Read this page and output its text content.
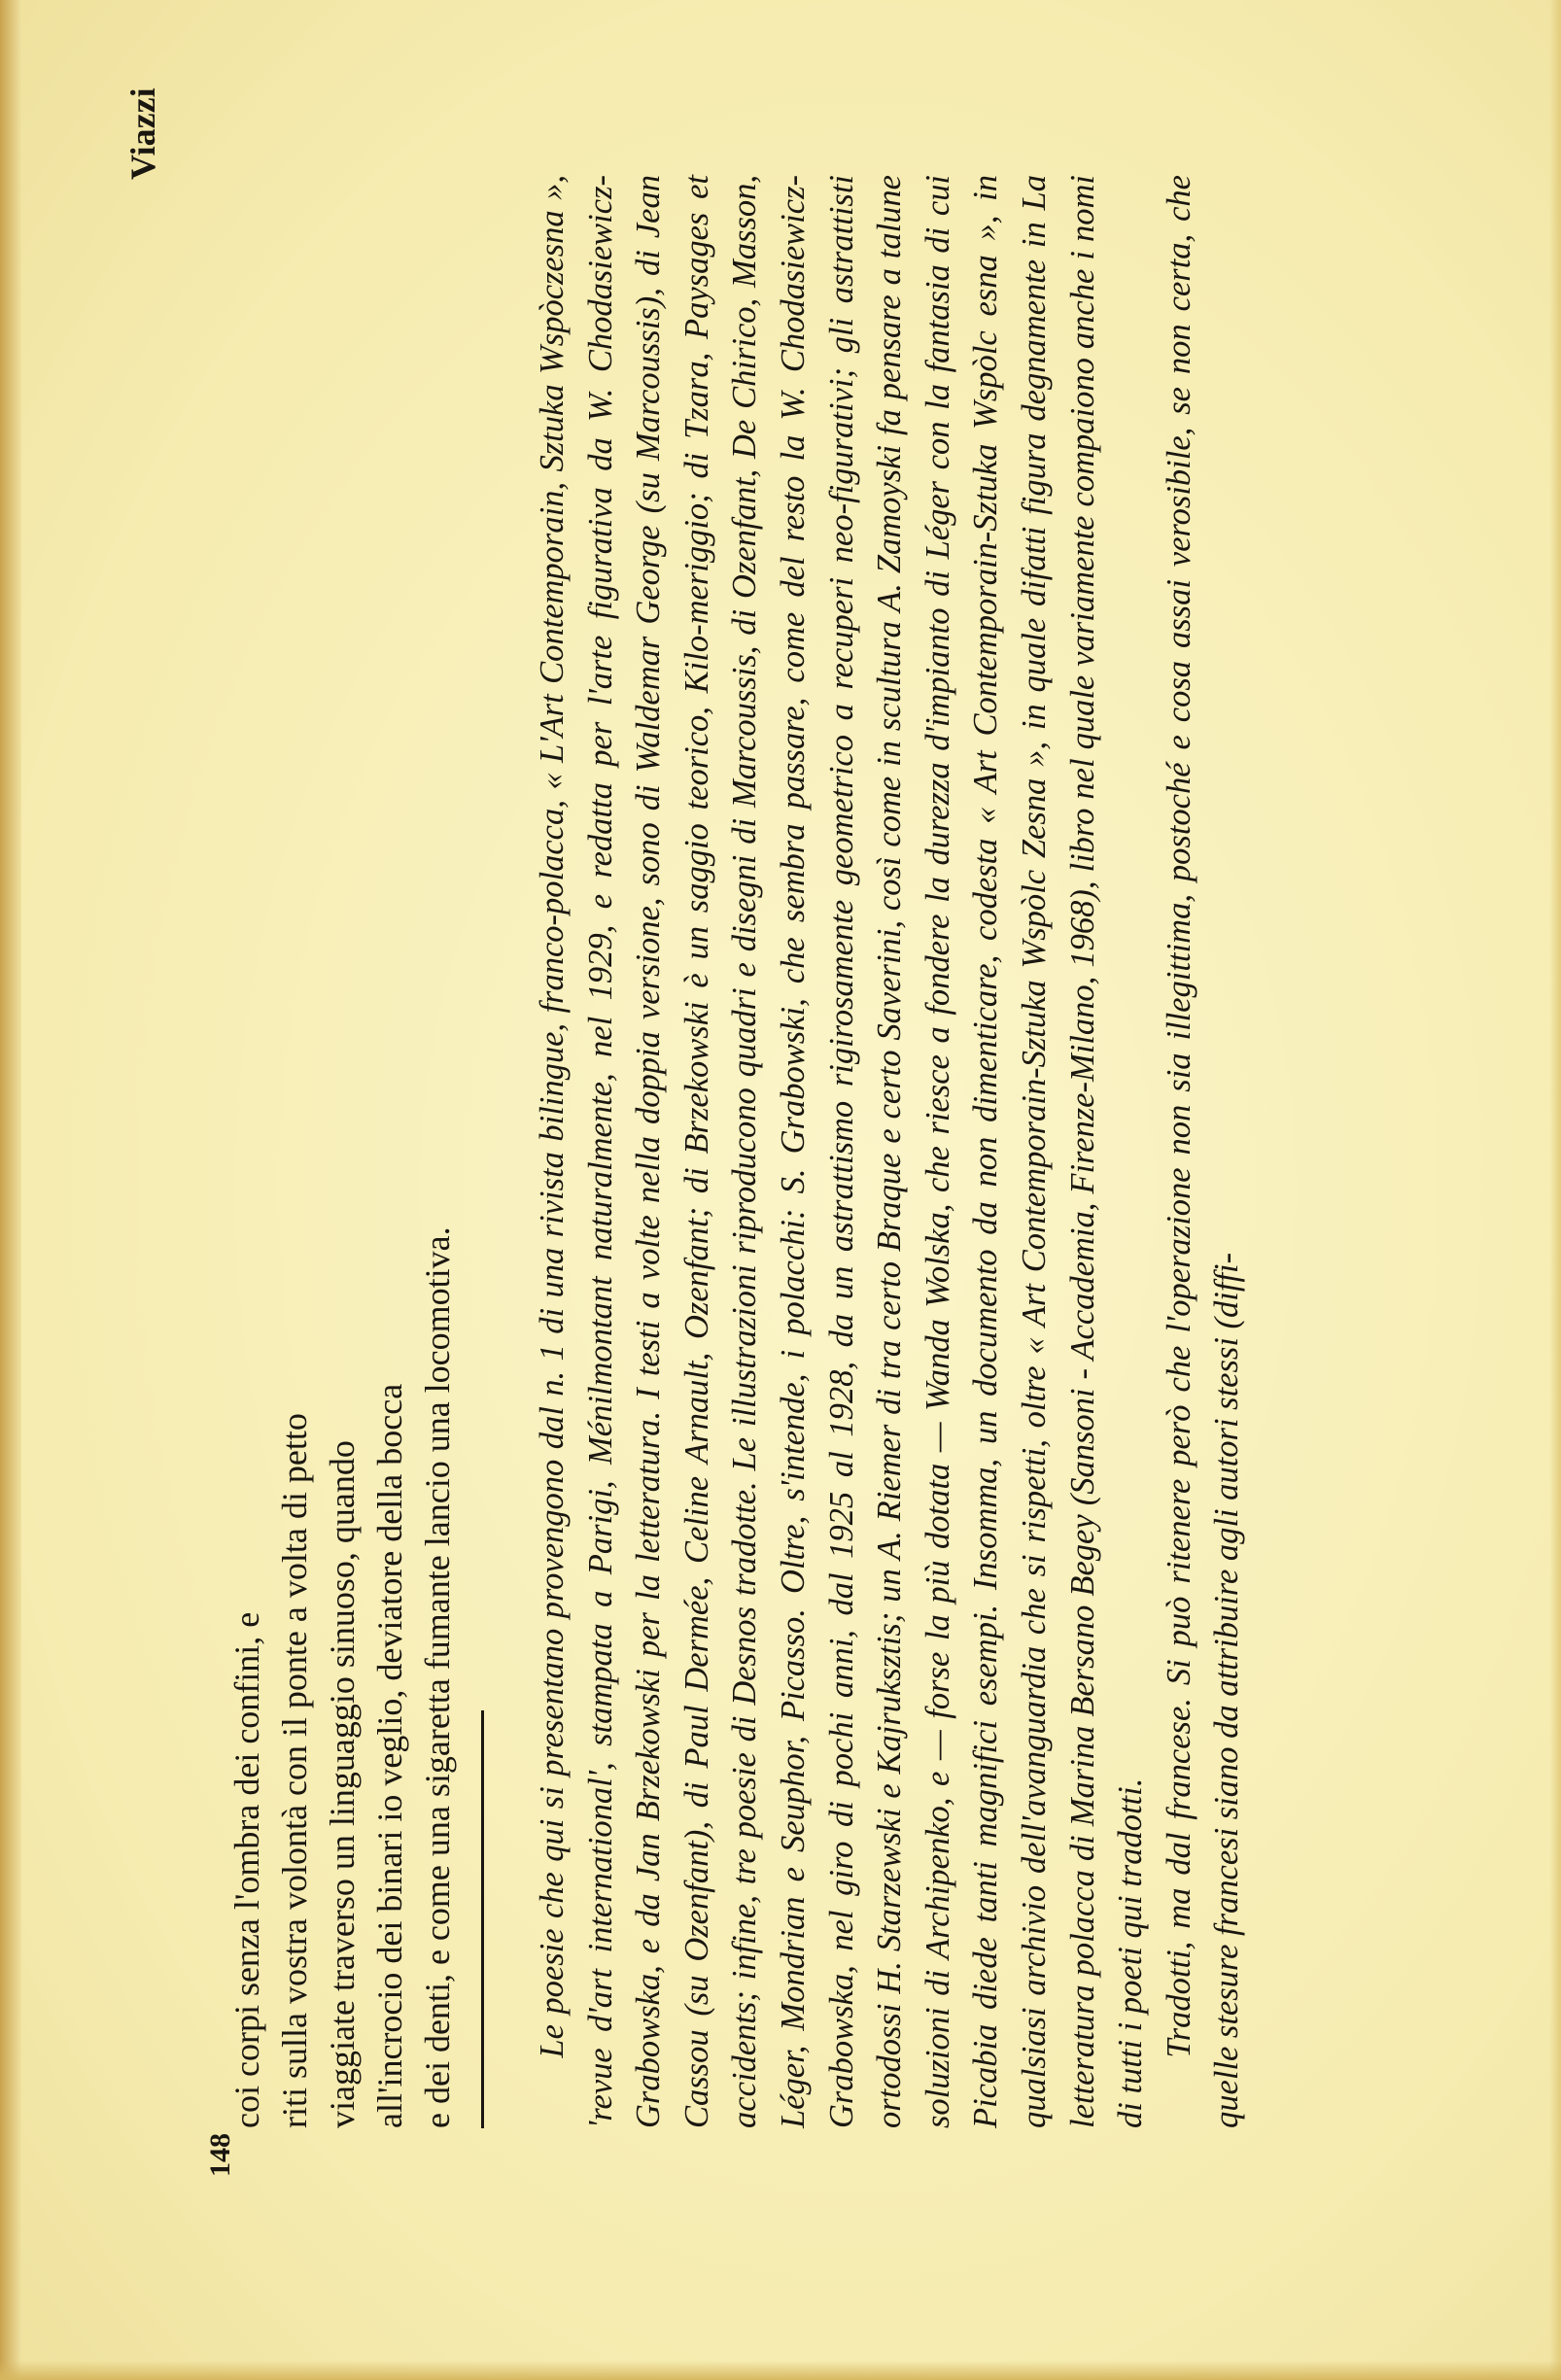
148
Viazzi
coi corpi senza l'ombra dei confini, e riti sulla vostra volontà con il ponte a volta di petto viaggiate traverso un linguaggio sinuoso, quando all'incrocio dei binari io veglio, deviatore della bocca e dei denti, e come una sigaretta fumante lancio una locomotiva. Le poesie che qui si presentano provengono dal n. 1 di una rivista bilingue, franco-polacca, « L'Art Contemporain, Sztuka Wspòczesna », 'revue d'art international', stampata a Parigi, Ménilmontant naturalmente, nel 1929, e redatta per l'arte figurativa da W. Chodasiewicz-Grabowska, e da Jan Brzekowski per la letteratura. I testi a volte nella doppia versione, sono di Waldemar George (su Marcoussis), di Jean Cassou (su Ozenfant), di Paul Dermée, Celine Arnault, Ozenfant; di Brzekowski è un saggio teorico, Kilo-meriggio; di Tzara, Paysages et accidents; infine, tre poesie di Desnos tradotte. Le illustrazioni riproducono quadri e disegni di Marcoussis, di Ozenfant, De Chirico, Masson, Léger, Mondrian e Seuphor, Picasso. Oltre, s'intende, i polacchi: S. Grabowski, che sembra passare, come del resto la W. Chodasiewicz-Grabowska, nel giro di pochi anni, dal 1925 al 1928, da un astrattismo rigirosamente geometrico a recuperi neo-figurativi; gli astrattisti ortodossi H. Starzewski e Kajruksztis; un A. Riemer di tra certo Braque e certo Saverini, così come in scultura A. Zamoyski fa pensare a talune soluzioni di Archipenko, e — forse la più dotata — Wanda Wolska, che riesce a fondere la durezza d'impianto di Léger con la fantasia di cui Picabia diede tanti magnifici esempi. Insomma, un documento da non dimenticare, codesta « Art Contemporain-Sztuka Wspòlc esna », in qualsiasi archivio dell'avanguardia che si rispetti, oltre « Art Contemporain-Sztuka Wspòlc Zesna », in quale difatti figura degnamente in La letteratura polacca di Marina Bersano Begey (Sansoni - Accademia, Firenze-Milano, 1968), libro nel quale variamente compaiono anche i nomi di tutti i poeti qui tradotti. Tradotti, ma dal francese. Si può ritenere però che l'operazione non sia illegittima, postoché e cosa assai verosibile, se non certa, che quelle stesure francesi siano da attribuire agli autori stessi (diffi-
